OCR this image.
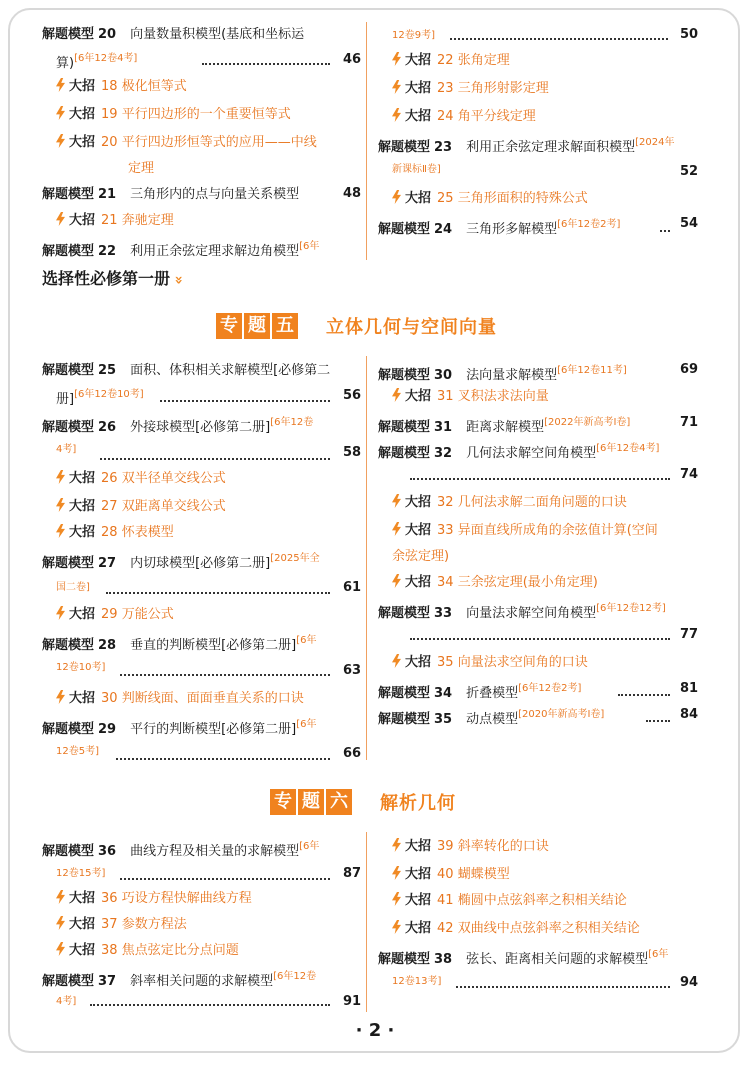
解题模型 20 向量数量积模型(基底和坐标运
算)[6年12卷4考]	46
大招 18 极化恒等式
大招 19 平行四边形的一个重要恒等式
大招 20 平行四边形恒等式的应用——中线
定理
解题模型 21 三角形内的点与向量关系模型	48
大招 21 奔驰定理
解题模型 22 利用正余弦定理求解边角模型$^{[6年}$
12卷9考]	50
大招 22 张角定理
大招 23 三角形射影定理
大招 24 角平分线定理
解题模型 23 利用正余弦定理求解面积模型$^{[2024年}$
新课标Ⅱ卷]	52
大招 25 三角形面积的特殊公式
解题模型 24 三角形多解模型[6年12卷2考]	54
选择性必修第一册»
专 题 五 立体几何与空间向量
解题模型 25 面积、体积相关求解模型[必修第二
册][6年12卷10考]	56
解题模型 26 外接球模型[必修第二册]$^{[6年12卷}$
4考]	58
大招 26 双半径单交线公式
大招 27 双距离单交线公式
大招 28 怀表模型
解题模型 27 内切球模型[必修第二册]$^{[2025年全}$
国二卷]	61
大招 29 万能公式
解题模型 28 垂直的判断模型[必修第二册]$^{[6年}$
12卷10考]	63
大招 30 判断线面、面面垂直关系的口诀
解题模型 29 平行的判断模型[必修第二册]$^{[6年}$
12卷5考]	66
解题模型 30 法向量求解模型[6年12卷11考]	69
大招 31 叉积法求法向量
解题模型 31 距离求解模型[2022年新高考Ⅰ卷]	71
解题模型 32 几何法求解空间角模型[6年12卷4考]
74
大招 32 几何法求解二面角问题的口诀
大招 33 异面直线所成角的余弦值计算(空间
余弦定理)
大招 34 三余弦定理(最小角定理)
解题模型 33 向量法求解空间角模型[6年12卷12考]
77
大招 35 向量法求空间角的口诀
解题模型 34 折叠模型[6年12卷2考]	81
解题模型 35 动点模型[2020年新高考Ⅰ卷]	84
专 题 六 解析几何
解题模型 36 曲线方程及相关量的求解模型$^{[6年}$
12卷15考]	87
大招 36 巧设方程快解曲线方程
大招 37 参数方程法
大招 38 焦点弦定比分点问题
解题模型 37 斜率相关问题的求解模型$^{[6年12卷}$
4考]	91
大招 39 斜率转化的口诀
大招 40 蝴蝶模型
大招 41 椭圆中点弦斜率之积相关结论
大招 42 双曲线中点弦斜率之积相关结论
解题模型 38 弦长、距离相关问题的求解模型$^{[6年}$
12卷13考]	94
· 2 ·
